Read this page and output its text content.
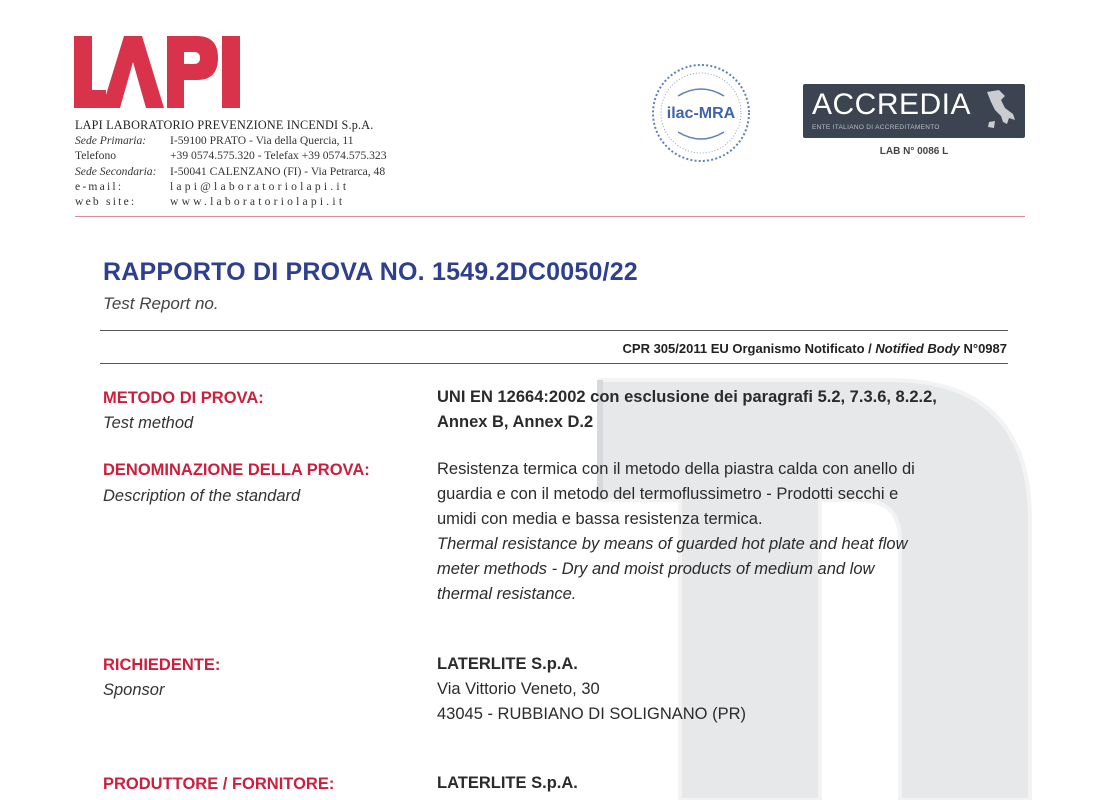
LAPI LABORATORIO PREVENZIONE INCENDI S.p.A.
Sede Primaria:	I-59100 PRATO - Via della Quercia, 11
Telefono	+39 0574.575.320 - Telefax +39 0574.575.323
Sede Secondaria:	I-50041 CALENZANO (FI) - Via Petrarca, 48
e-mail:	lapi@laboratoriolapi.it
web site:	www.laboratoriolapi.it
ilac-MRA	ACCREDIA
ENTE ITALIANO DI ACCREDITAMENTO
LAB N° 0086 L
RAPPORTO DI PROVA NO. 1549.2DC0050/22
Test Report no.
CPR 305/2011 EU Organismo Notificato / Notified Body N°0987
METODO DI PROVA:
Test method
UNI EN 12664:2002 con esclusione dei paragrafi 5.2, 7.3.6, 8.2.2,
Annex B, Annex D.2
DENOMINAZIONE DELLA PROVA:
Description of the standard
Resistenza termica con il metodo della piastra calda con anello di
guardia e con il metodo del termoflussimetro - Prodotti secchi e
umidi con media e bassa resistenza termica.
Thermal resistance by means of guarded hot plate and heat flow
meter methods - Dry and moist products of medium and low
thermal resistance.
RICHIEDENTE:
Sponsor
LATERLITE S.p.A.
Via Vittorio Veneto, 30
43045 - RUBBIANO DI SOLIGNANO (PR)
PRODUTTORE / FORNITORE:	LATERLITE S.p.A.
